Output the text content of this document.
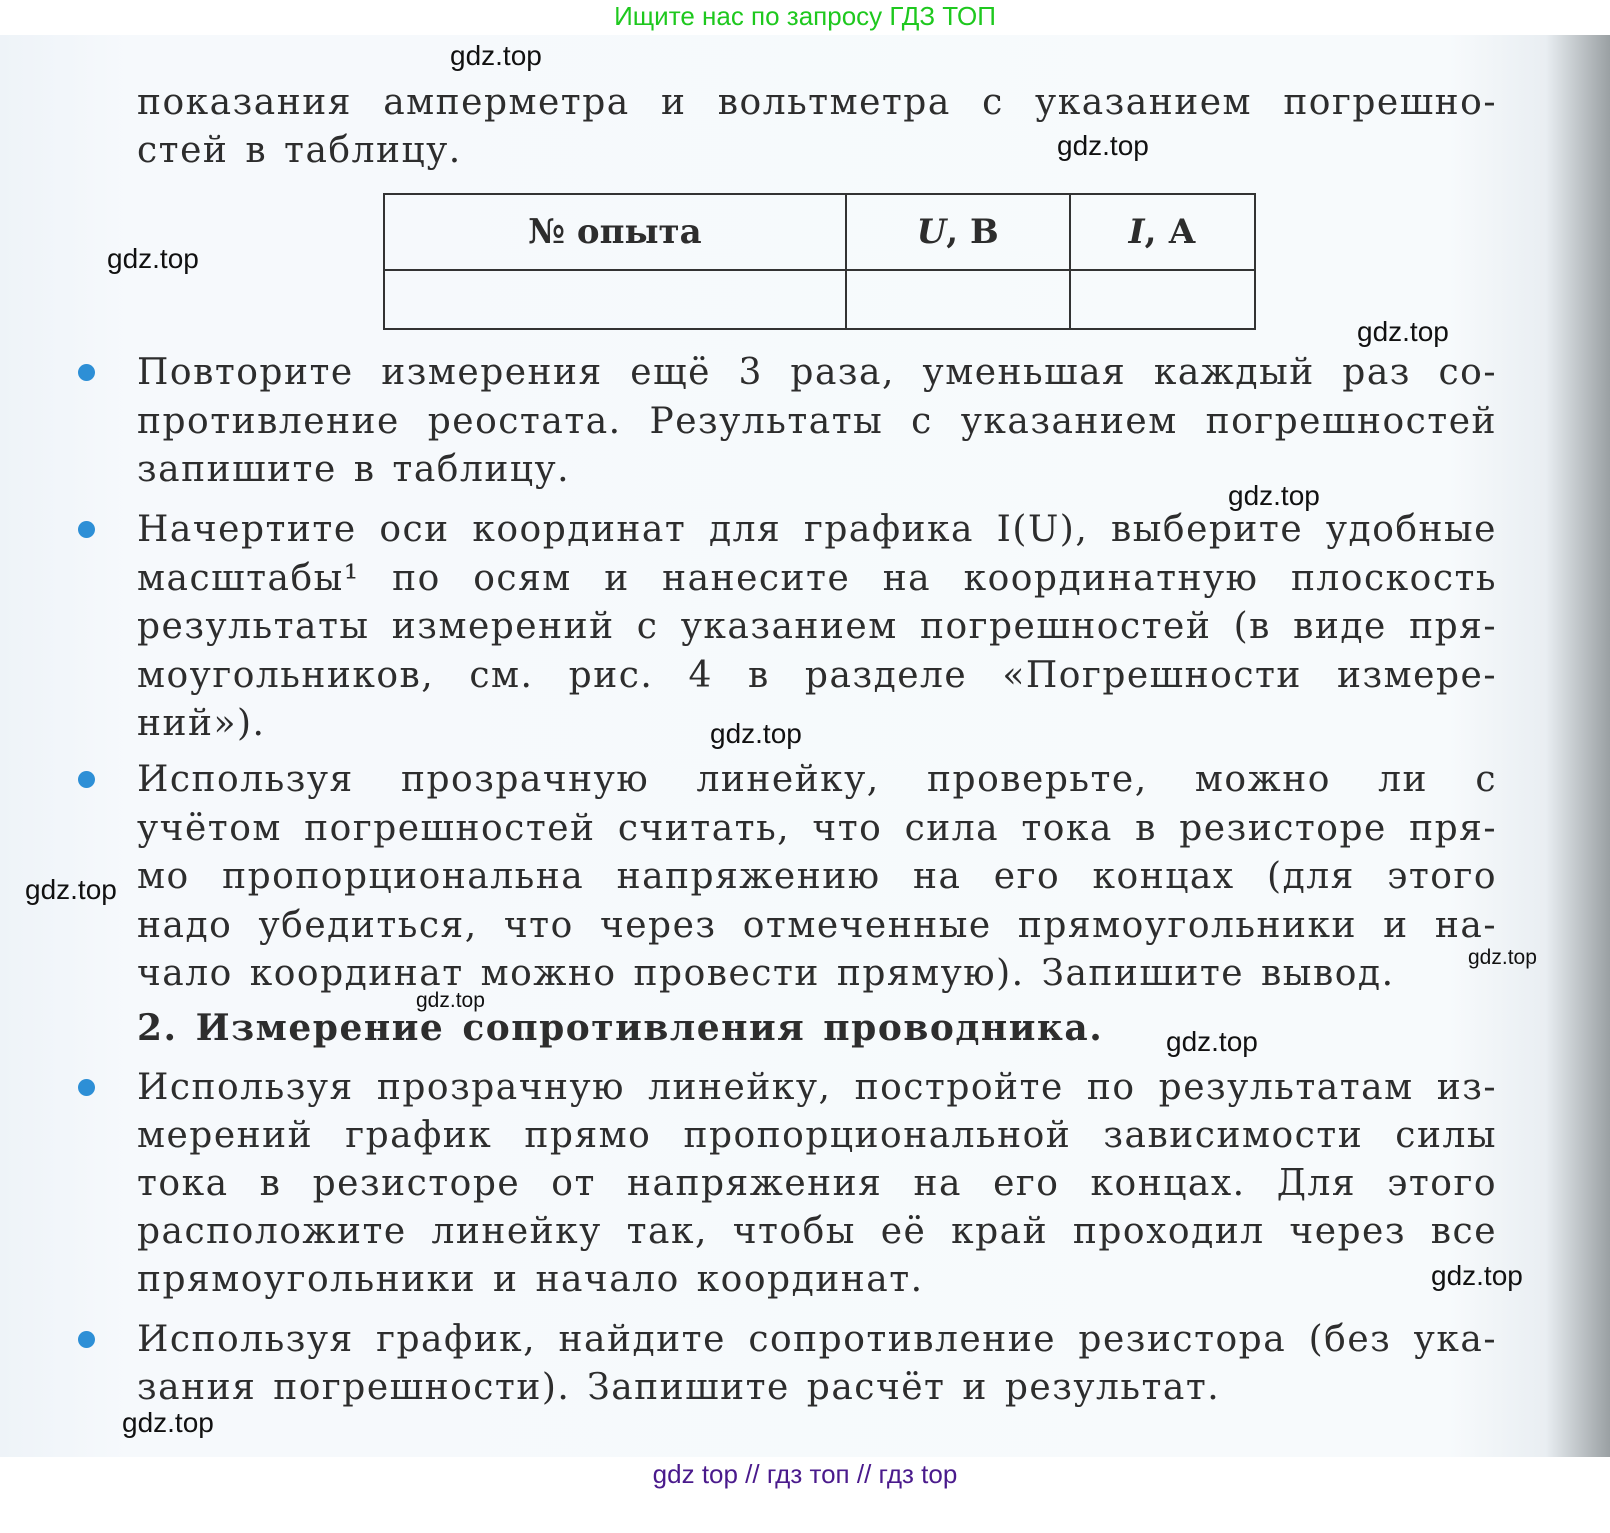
Ищите нас по запросу ГДЗ ТОП
№ опыта	U, В	I, А

показания амперметра и вольтметра с указанием погрешно-
стей в таблицу.
Повторите измерения ещё 3 раза, уменьшая каждый раз со-
противление реостата. Результаты с указанием погрешностей
запишите в таблицу.
Начертите оси координат для графика I(U), выберите удобные
масштабы¹ по осям и нанесите на координатную плоскость
результаты измерений с указанием погрешностей (в виде пря-
моугольников, см. рис. 4 в разделе «Погрешности измере-
ний»).
Используя прозрачную линейку, проверьте, можно ли с
учётом погрешностей считать, что сила тока в резисторе пря-
мо пропорциональна напряжению на его концах (для этого
надо убедиться, что через отмеченные прямоугольники и на-
чало координат можно провести прямую). Запишите вывод.
2. Измерение сопротивления проводника.
Используя прозрачную линейку, постройте по результатам из-
мерений график прямо пропорциональной зависимости силы
тока в резисторе от напряжения на его концах. Для этого
расположите линейку так, чтобы её край проходил через все
прямоугольники и начало координат.
Используя график, найдите сопротивление резистора (без ука-
зания погрешности). Запишите расчёт и результат.
gdz top // гдз топ // гдз top
gdz.top
gdz.top
gdz.top
gdz.top
gdz.top
gdz.top
gdz.top
gdz.top
gdz.top
gdz.top
gdz.top
gdz.top
